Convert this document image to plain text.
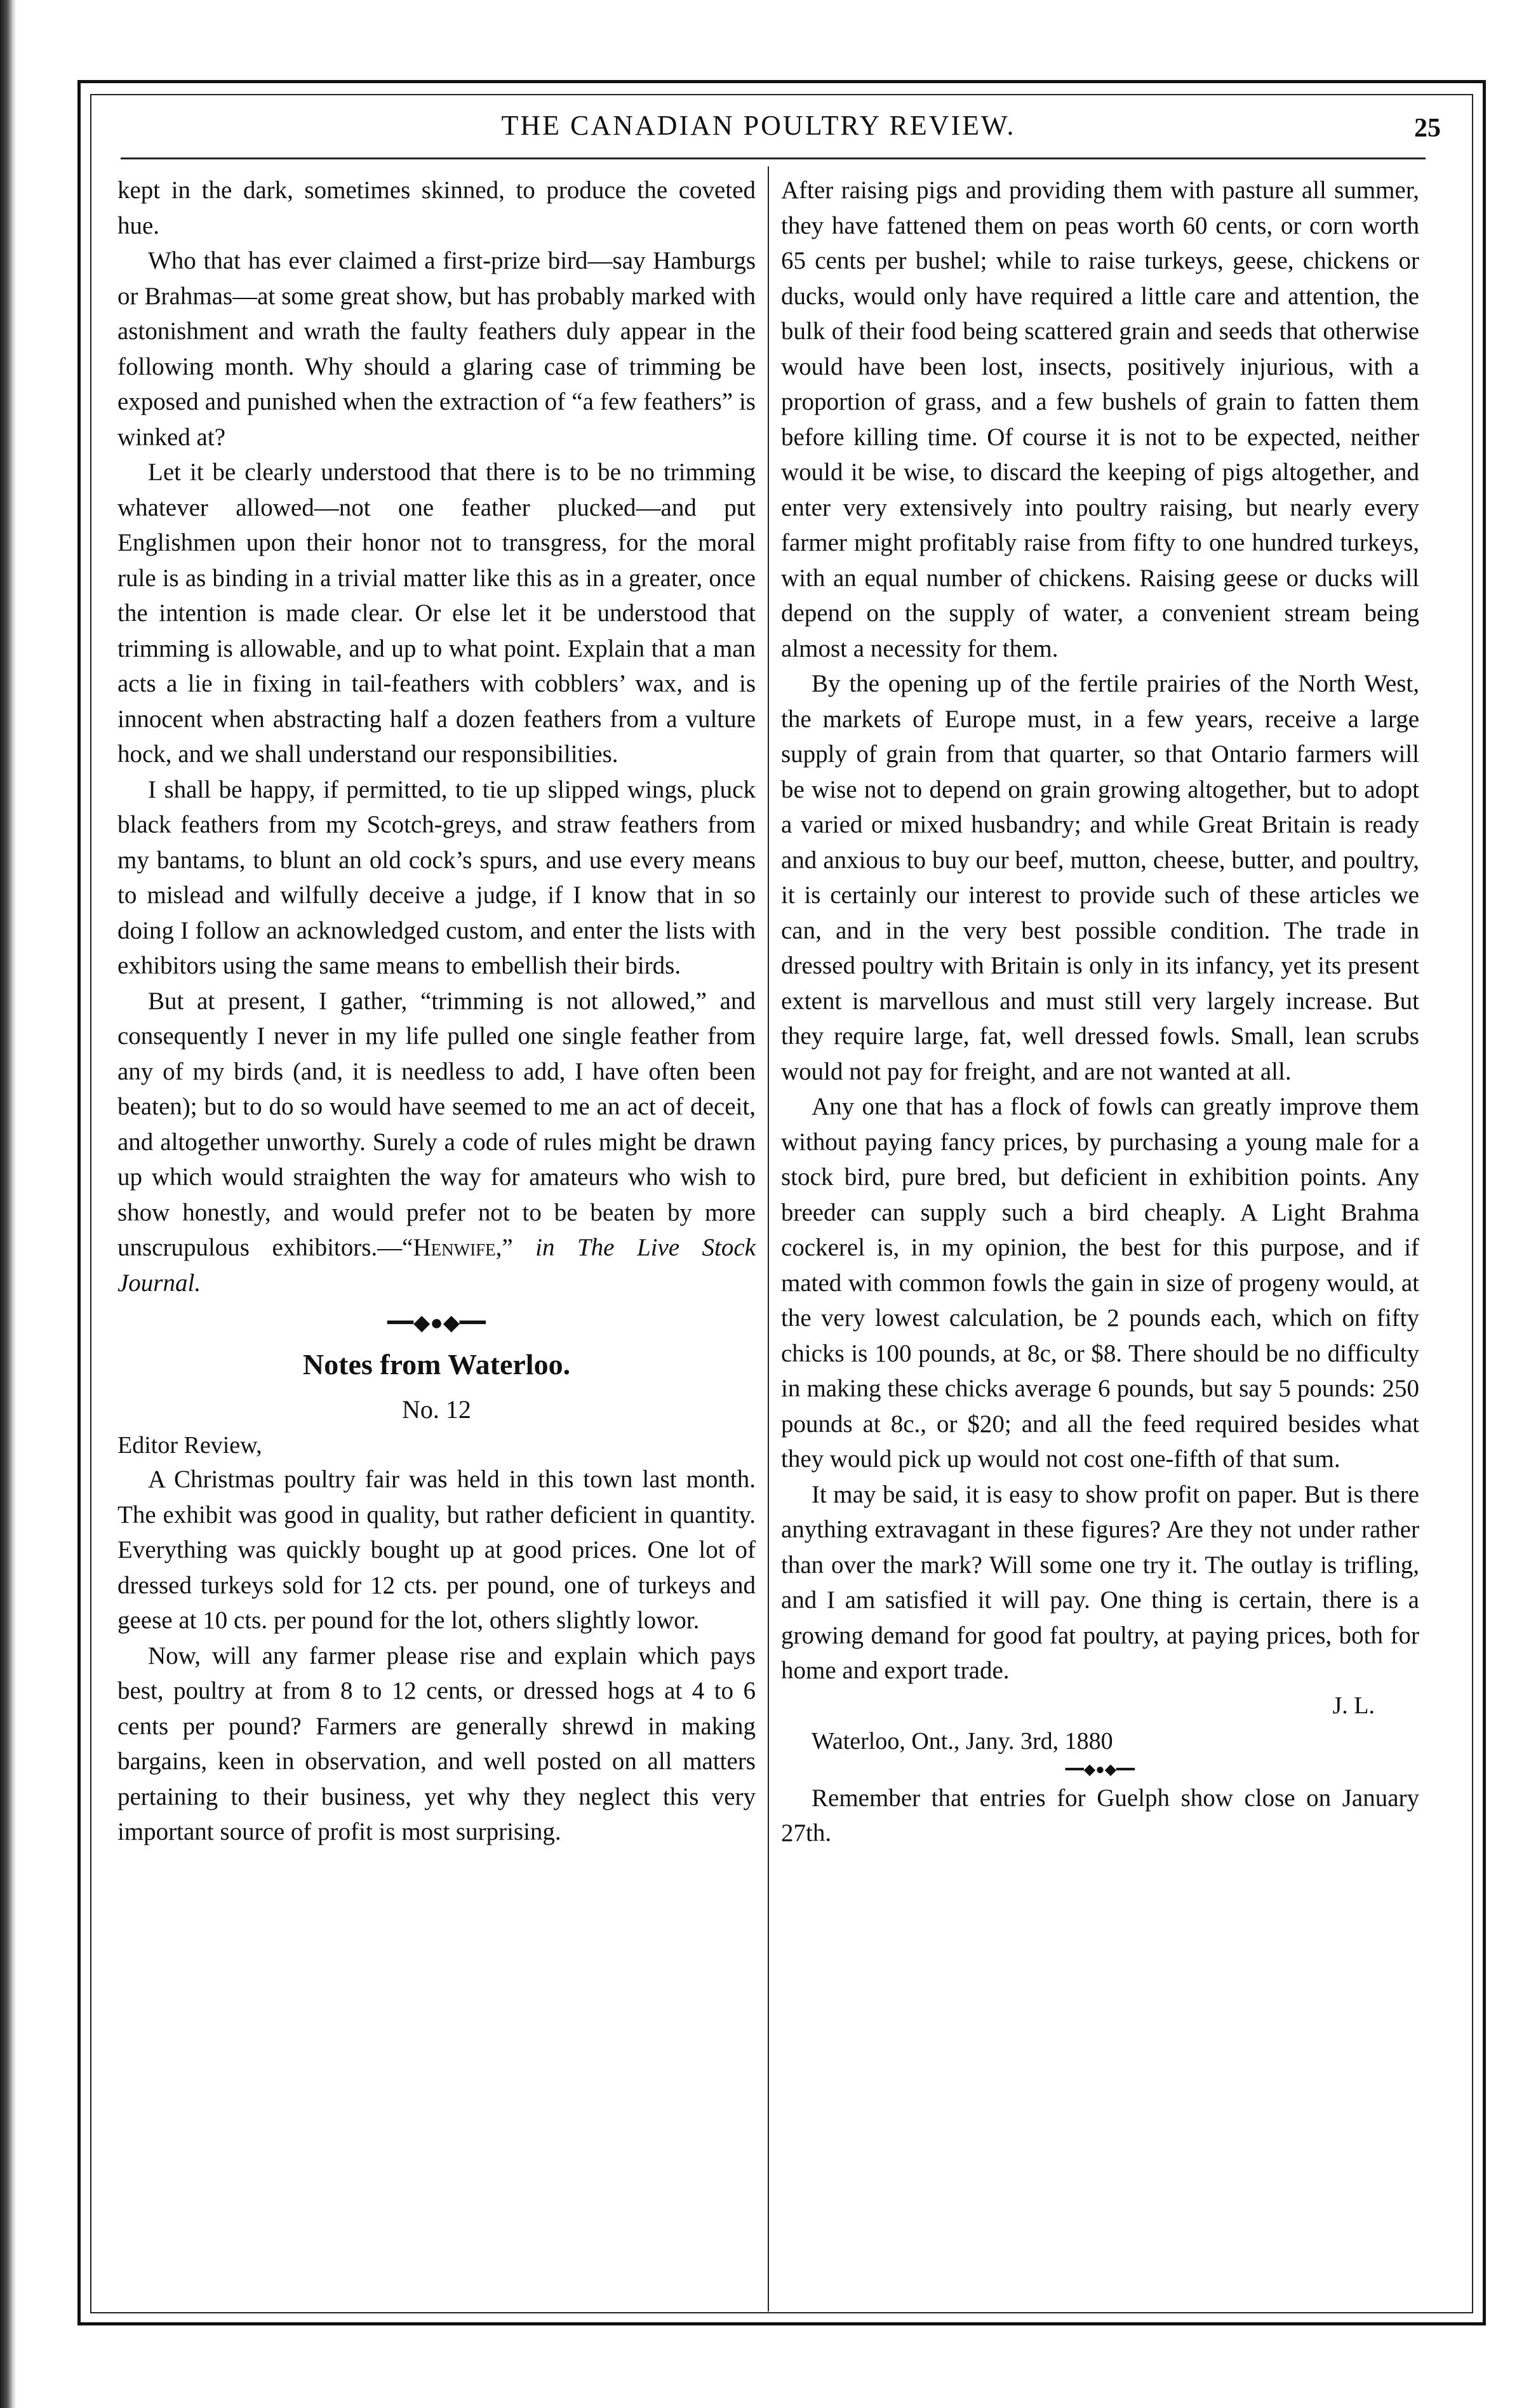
THE CANADIAN POULTRY REVIEW.	25

kept in the dark, sometimes skinned, to produce the coveted hue.

Who that has ever claimed a first-prize bird—say Hamburgs or Brahmas—at some great show, but has probably marked with astonishment and wrath the faulty feathers duly appear in the following month. Why should a glaring case of trimming be exposed and punished when the extraction of “a few feathers” is winked at?

Let it be clearly understood that there is to be no trimming whatever allowed—not one feather plucked—and put Englishmen upon their honor not to transgress, for the moral rule is as binding in a trivial matter like this as in a greater, once the intention is made clear. Or else let it be understood that trimming is allowable, and up to what point. Explain that a man acts a lie in fixing in tail-feathers with cobblers’ wax, and is innocent when abstracting half a dozen feathers from a vulture hock, and we shall understand our responsibilities.

I shall be happy, if permitted, to tie up slipped wings, pluck black feathers from my Scotch-greys, and straw feathers from my bantams, to blunt an old cock’s spurs, and use every means to mislead and wilfully deceive a judge, if I know that in so doing I follow an acknowledged custom, and enter the lists with exhibitors using the same means to embellish their birds.

But at present, I gather, “trimming is not allowed,” and consequently I never in my life pulled one single feather from any of my birds (and, it is needless to add, I have often been beaten); but to do so would have seemed to me an act of deceit, and altogether unworthy. Surely a code of rules might be drawn up which would straighten the way for amateurs who wish to show honestly, and would prefer not to be beaten by more unscrupulous exhibitors.—“Henwife,” in The Live Stock Journal.

━━◆●◆━━
Notes from Waterloo.
No. 12
Editor Review,

A Christmas poultry fair was held in this town last month. The exhibit was good in quality, but rather deficient in quantity. Everything was quickly bought up at good prices. One lot of dressed turkeys sold for 12 cts. per pound, one of turkeys and geese at 10 cts. per pound for the lot, others slightly lowor.

Now, will any farmer please rise and explain which pays best, poultry at from 8 to 12 cents, or dressed hogs at 4 to 6 cents per pound? Farmers are generally shrewd in making bargains, keen in observation, and well posted on all matters pertaining to their business, yet why they neglect this very important source of profit is most surprising.

After raising pigs and providing them with pasture all summer, they have fattened them on peas worth 60 cents, or corn worth 65 cents per bushel; while to raise turkeys, geese, chickens or ducks, would only have required a little care and attention, the bulk of their food being scattered grain and seeds that otherwise would have been lost, insects, positively injurious, with a proportion of grass, and a few bushels of grain to fatten them before killing time. Of course it is not to be expected, neither would it be wise, to discard the keeping of pigs altogether, and enter very extensively into poultry raising, but nearly every farmer might profitably raise from fifty to one hundred turkeys, with an equal number of chickens. Raising geese or ducks will depend on the supply of water, a convenient stream being almost a necessity for them.

By the opening up of the fertile prairies of the North West, the markets of Europe must, in a few years, receive a large supply of grain from that quarter, so that Ontario farmers will be wise not to depend on grain growing altogether, but to adopt a varied or mixed husbandry; and while Great Britain is ready and anxious to buy our beef, mutton, cheese, butter, and poultry, it is certainly our interest to provide such of these articles we can, and in the very best possible condition. The trade in dressed poultry with Britain is only in its infancy, yet its present extent is marvellous and must still very largely increase. But they require large, fat, well dressed fowls. Small, lean scrubs would not pay for freight, and are not wanted at all.

Any one that has a flock of fowls can greatly improve them without paying fancy prices, by purchasing a young male for a stock bird, pure bred, but deficient in exhibition points. Any breeder can supply such a bird cheaply. A Light Brahma cockerel is, in my opinion, the best for this purpose, and if mated with common fowls the gain in size of progeny would, at the very lowest calculation, be 2 pounds each, which on fifty chicks is 100 pounds, at 8c, or $8. There should be no difficulty in making these chicks average 6 pounds, but say 5 pounds: 250 pounds at 8c., or $20; and all the feed required besides what they would pick up would not cost one-fifth of that sum.

It may be said, it is easy to show profit on paper. But is there anything extravagant in these figures? Are they not under rather than over the mark? Will some one try it. The outlay is trifling, and I am satisfied it will pay. One thing is certain, there is a growing demand for good fat poultry, at paying prices, both for home and export trade.

J. L.
Waterloo, Ont., Jany. 3rd, 1880
━━◆●◆━━

Remember that entries for Guelph show close on January 27th.
